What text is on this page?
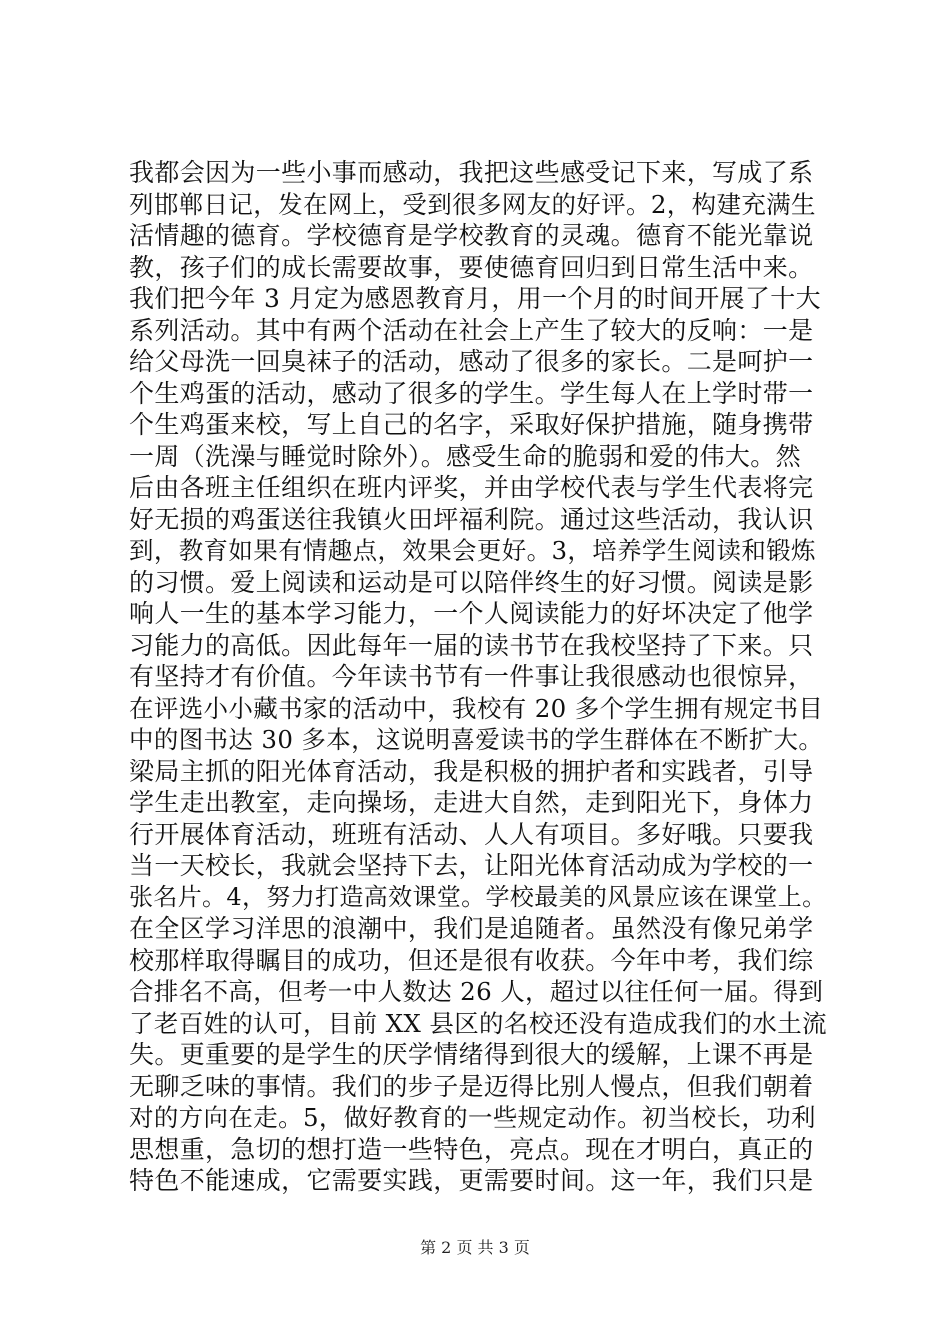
我都会因为一些小事而感动，我把这些感受记下来，写成了系
列邯郸日记，发在网上，受到很多网友的好评。2，构建充满生
活情趣的德育。学校德育是学校教育的灵魂。德育不能光靠说
教，孩子们的成长需要故事，要使德育回归到日常生活中来。
我们把今年 3 月定为感恩教育月，用一个月的时间开展了十大
系列活动。其中有两个活动在社会上产生了较大的反响：一是
给父母洗一回臭袜子的活动，感动了很多的家长。二是呵护一
个生鸡蛋的活动，感动了很多的学生。学生每人在上学时带一
个生鸡蛋来校，写上自己的名字，采取好保护措施，随身携带
一周（洗澡与睡觉时除外）。感受生命的脆弱和爱的伟大。然
后由各班主任组织在班内评奖，并由学校代表与学生代表将完
好无损的鸡蛋送往我镇火田坪福利院。通过这些活动，我认识
到，教育如果有情趣点，效果会更好。3，培养学生阅读和锻炼
的习惯。爱上阅读和运动是可以陪伴终生的好习惯。阅读是影
响人一生的基本学习能力，一个人阅读能力的好坏决定了他学
习能力的高低。因此每年一届的读书节在我校坚持了下来。只
有坚持才有价值。今年读书节有一件事让我很感动也很惊异，
在评选小小藏书家的活动中，我校有 20 多个学生拥有规定书目
中的图书达 30 多本，这说明喜爱读书的学生群体在不断扩大。
梁局主抓的阳光体育活动，我是积极的拥护者和实践者，引导
学生走出教室，走向操场，走进大自然，走到阳光下，身体力
行开展体育活动，班班有活动、人人有项目。多好哦。只要我
当一天校长，我就会坚持下去，让阳光体育活动成为学校的一
张名片。4，努力打造高效课堂。学校最美的风景应该在课堂上。
在全区学习洋思的浪潮中，我们是追随者。虽然没有像兄弟学
校那样取得瞩目的成功，但还是很有收获。今年中考，我们综
合排名不高，但考一中人数达 26 人，超过以往任何一届。得到
了老百姓的认可，目前 XX 县区的名校还没有造成我们的水土流
失。更重要的是学生的厌学情绪得到很大的缓解，上课不再是
无聊乏味的事情。我们的步子是迈得比别人慢点，但我们朝着
对的方向在走。5，做好教育的一些规定动作。初当校长，功利
思想重，急切的想打造一些特色，亮点。现在才明白，真正的
特色不能速成，它需要实践，更需要时间。这一年，我们只是
第 2 页 共 3 页
